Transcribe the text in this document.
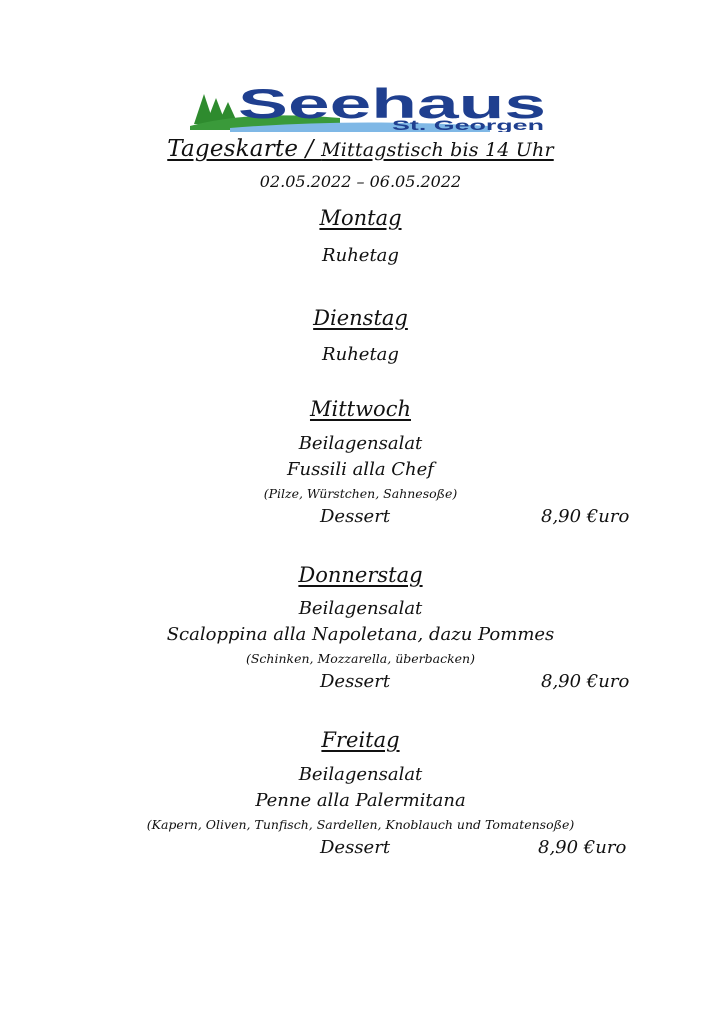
Seehaus
St. Georgen
Tageskarte / Mittagstisch bis 14 Uhr
02.05.2022 – 06.05.2022
Montag
Ruhetag
Dienstag
Ruhetag
Mittwoch
Beilagensalat
Fussili alla Chef
(Pilze, Würstchen, Sahnesoße)
Dessert	8,90 €uro
Donnerstag
Beilagensalat
Scaloppina alla Napoletana, dazu Pommes
(Schinken, Mozzarella, überbacken)
Dessert	8,90 €uro
Freitag
Beilagensalat
Penne alla Palermitana
(Kapern, Oliven, Tunfisch, Sardellen, Knoblauch und Tomatensoße)
Dessert	8,90 €uro
